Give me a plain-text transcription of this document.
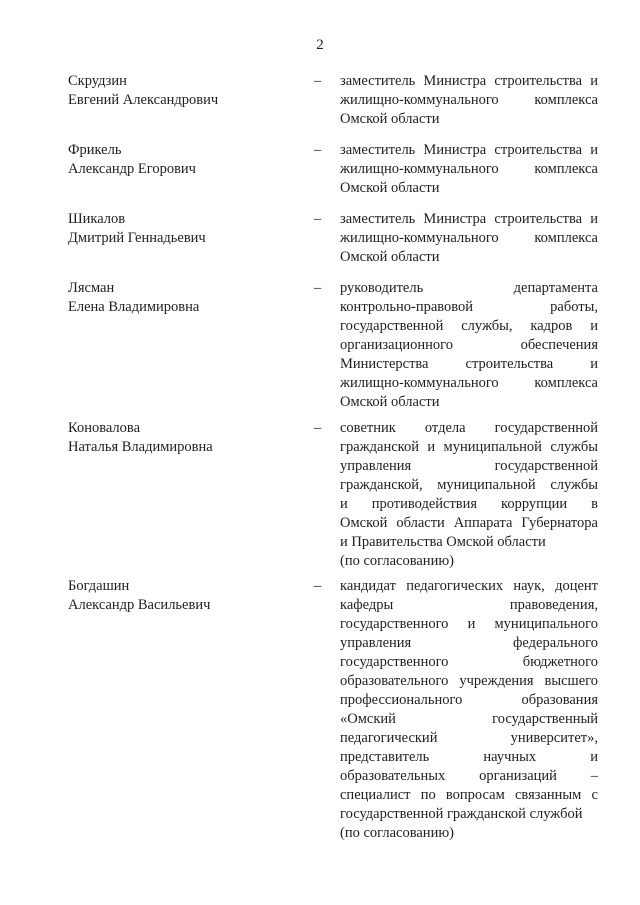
2
Скрудзин
Евгений Александрович
– заместитель Министра строительства и
жилищно-коммунального комплекса
Омской области
Фрикель
Александр Егорович
– заместитель Министра строительства и
жилищно-коммунального комплекса
Омской области
Шикалов
Дмитрий Геннадьевич
– заместитель Министра строительства и
жилищно-коммунального комплекса
Омской области
Лясман
Елена Владимировна
– руководитель департамента
контрольно-правовой работы,
государственной службы, кадров и
организационного обеспечения
Министерства строительства и
жилищно-коммунального комплекса
Омской области
Коновалова
Наталья Владимировна
– советник отдела государственной
гражданской и муниципальной службы
управления государственной
гражданской, муниципальной службы
и противодействия коррупции в
Омской области Аппарата Губернатора
и Правительства Омской области
(по согласованию)
Богдашин
Александр Васильевич
– кандидат педагогических наук, доцент
кафедры правоведения,
государственного и муниципального
управления федерального
государственного бюджетного
образовательного учреждения высшего
профессионального образования
«Омский государственный
педагогический университет»,
представитель научных и
образовательных организаций –
специалист по вопросам связанным с
государственной гражданской службой
(по согласованию)
